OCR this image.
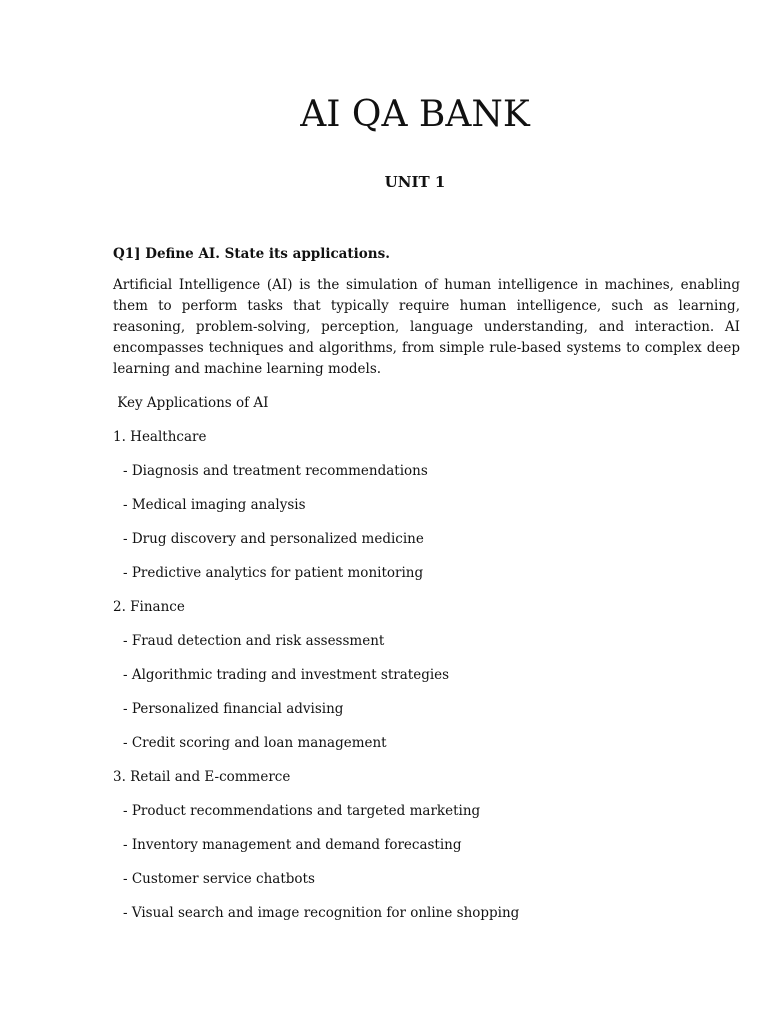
AI QA BANK
UNIT 1

Q1] Define AI. State its applications.

Artificial Intelligence (AI) is the simulation of human intelligence in machines, enabling them to perform tasks that typically require human intelligence, such as learning, reasoning, problem-solving, perception, language understanding, and interaction. AI encompasses techniques and algorithms, from simple rule-based systems to complex deep learning and machine learning models.

Key Applications of AI

1. Healthcare

- Diagnosis and treatment recommendations

- Medical imaging analysis

- Drug discovery and personalized medicine

- Predictive analytics for patient monitoring

2. Finance

- Fraud detection and risk assessment

- Algorithmic trading and investment strategies

- Personalized financial advising

- Credit scoring and loan management

3. Retail and E-commerce

- Product recommendations and targeted marketing

- Inventory management and demand forecasting

- Customer service chatbots

- Visual search and image recognition for online shopping
